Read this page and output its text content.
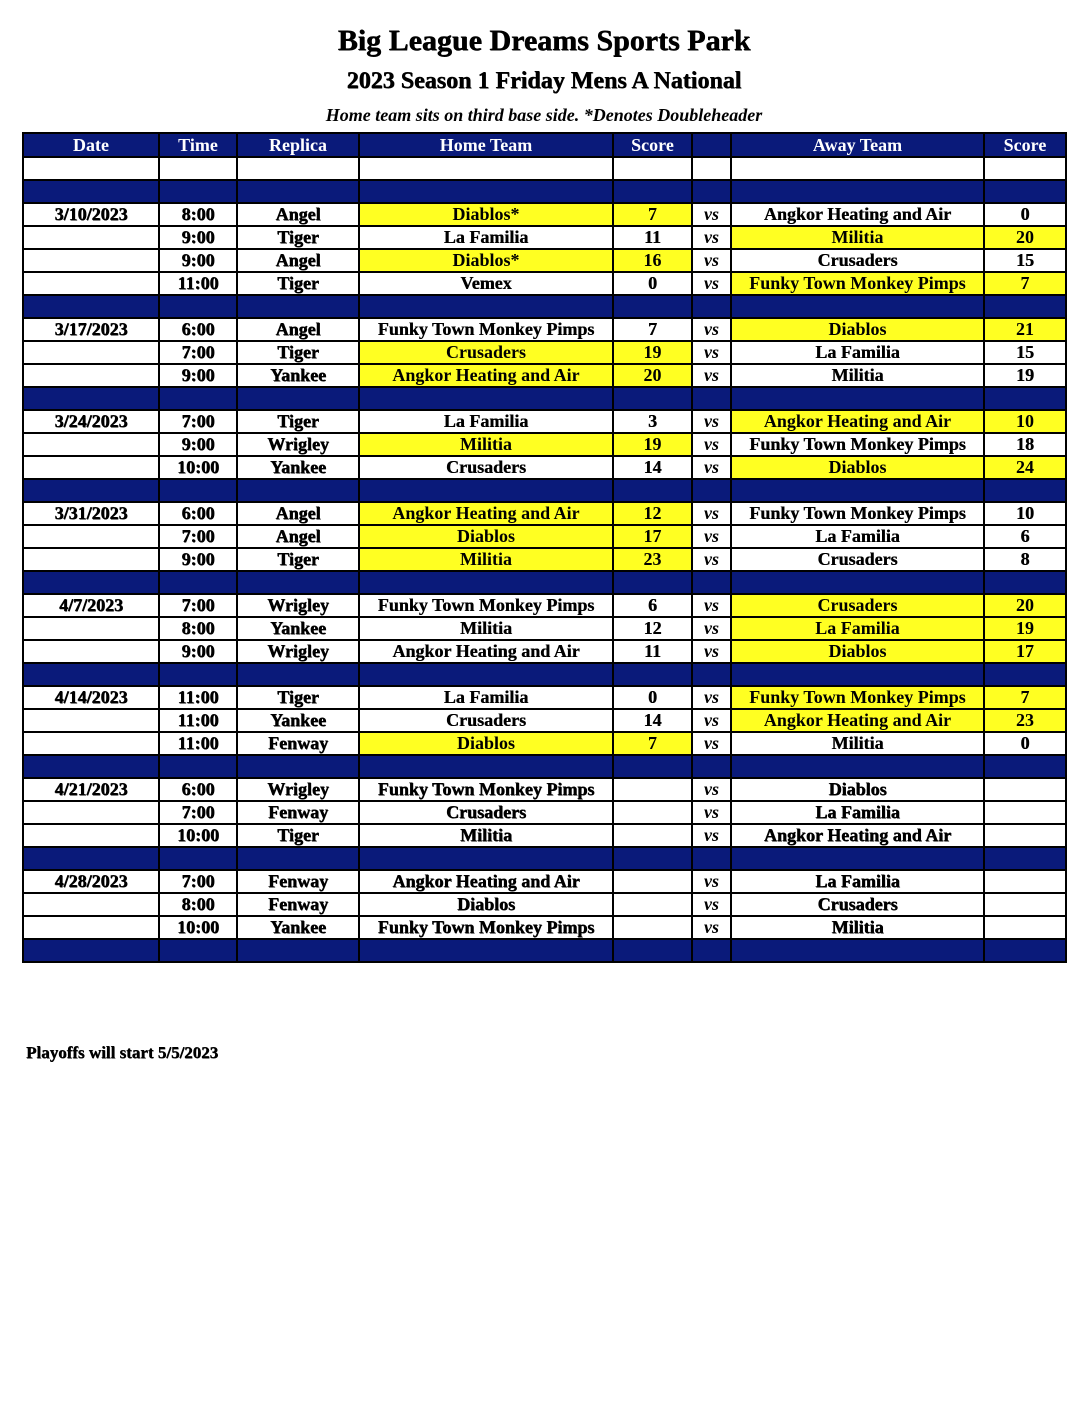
Big League Dreams Sports Park
2023 Season 1 Friday Mens A National
Home team sits on third base side. *Denotes Doubleheader
Date	Time	Replica	Home Team	Score		Away Team	Score

3/10/2023	8:00	Angel	Diablos*	7	vs	Angkor Heating and Air	0
	9:00	Tiger	La Familia	11	vs	Militia	20
	9:00	Angel	Diablos*	16	vs	Crusaders	15
	11:00	Tiger	Vemex	0	vs	Funky Town Monkey Pimps	7

3/17/2023	6:00	Angel	Funky Town Monkey Pimps	7	vs	Diablos	21
	7:00	Tiger	Crusaders	19	vs	La Familia	15
	9:00	Yankee	Angkor Heating and Air	20	vs	Militia	19

3/24/2023	7:00	Tiger	La Familia	3	vs	Angkor Heating and Air	10
	9:00	Wrigley	Militia	19	vs	Funky Town Monkey Pimps	18
	10:00	Yankee	Crusaders	14	vs	Diablos	24

3/31/2023	6:00	Angel	Angkor Heating and Air	12	vs	Funky Town Monkey Pimps	10
	7:00	Angel	Diablos	17	vs	La Familia	6
	9:00	Tiger	Militia	23	vs	Crusaders	8

4/7/2023	7:00	Wrigley	Funky Town Monkey Pimps	6	vs	Crusaders	20
	8:00	Yankee	Militia	12	vs	La Familia	19
	9:00	Wrigley	Angkor Heating and Air	11	vs	Diablos	17

4/14/2023	11:00	Tiger	La Familia	0	vs	Funky Town Monkey Pimps	7
	11:00	Yankee	Crusaders	14	vs	Angkor Heating and Air	23
	11:00	Fenway	Diablos	7	vs	Militia	0

4/21/2023	6:00	Wrigley	Funky Town Monkey Pimps		vs	Diablos	
	7:00	Fenway	Crusaders		vs	La Familia	
	10:00	Tiger	Militia		vs	Angkor Heating and Air	

4/28/2023	7:00	Fenway	Angkor Heating and Air		vs	La Familia	
	8:00	Fenway	Diablos		vs	Crusaders	
	10:00	Yankee	Funky Town Monkey Pimps		vs	Militia	

Playoffs will start 5/5/2023
